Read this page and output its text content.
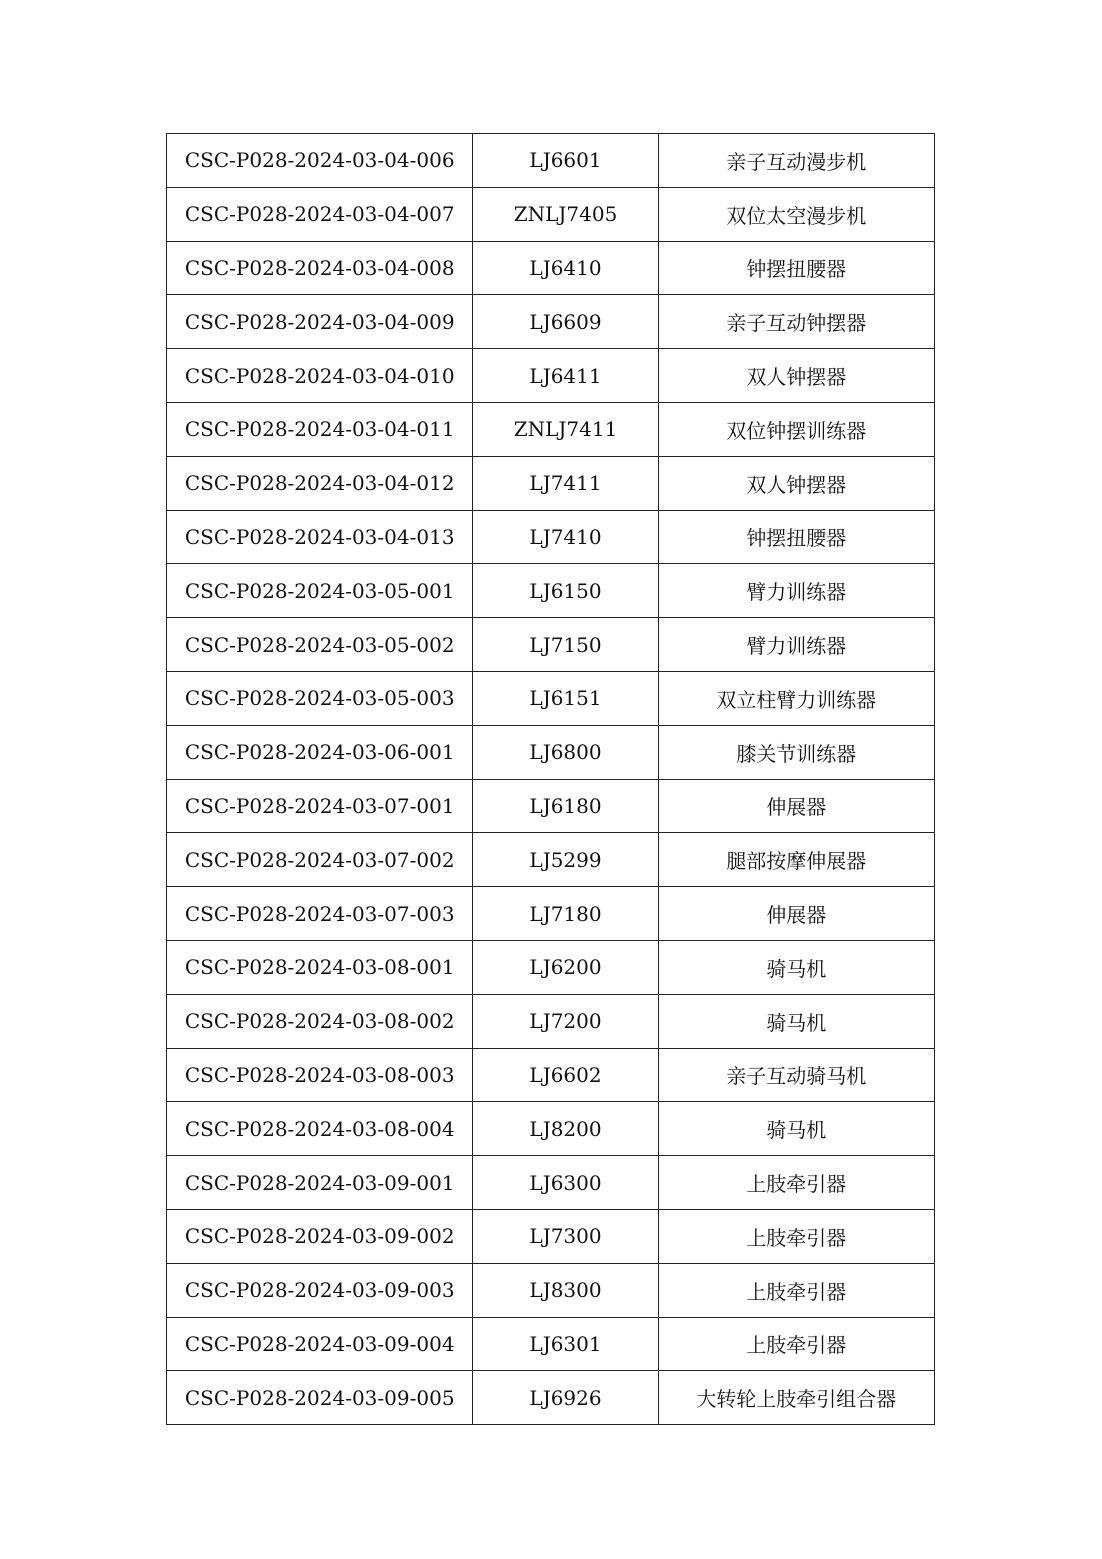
CSC-P028-2024-03-04-006	LJ6601	亲子互动漫步机
CSC-P028-2024-03-04-007	ZNLJ7405	双位太空漫步机
CSC-P028-2024-03-04-008	LJ6410	钟摆扭腰器
CSC-P028-2024-03-04-009	LJ6609	亲子互动钟摆器
CSC-P028-2024-03-04-010	LJ6411	双人钟摆器
CSC-P028-2024-03-04-011	ZNLJ7411	双位钟摆训练器
CSC-P028-2024-03-04-012	LJ7411	双人钟摆器
CSC-P028-2024-03-04-013	LJ7410	钟摆扭腰器
CSC-P028-2024-03-05-001	LJ6150	臂力训练器
CSC-P028-2024-03-05-002	LJ7150	臂力训练器
CSC-P028-2024-03-05-003	LJ6151	双立柱臂力训练器
CSC-P028-2024-03-06-001	LJ6800	膝关节训练器
CSC-P028-2024-03-07-001	LJ6180	伸展器
CSC-P028-2024-03-07-002	LJ5299	腿部按摩伸展器
CSC-P028-2024-03-07-003	LJ7180	伸展器
CSC-P028-2024-03-08-001	LJ6200	骑马机
CSC-P028-2024-03-08-002	LJ7200	骑马机
CSC-P028-2024-03-08-003	LJ6602	亲子互动骑马机
CSC-P028-2024-03-08-004	LJ8200	骑马机
CSC-P028-2024-03-09-001	LJ6300	上肢牵引器
CSC-P028-2024-03-09-002	LJ7300	上肢牵引器
CSC-P028-2024-03-09-003	LJ8300	上肢牵引器
CSC-P028-2024-03-09-004	LJ6301	上肢牵引器
CSC-P028-2024-03-09-005	LJ6926	大转轮上肢牵引组合器
